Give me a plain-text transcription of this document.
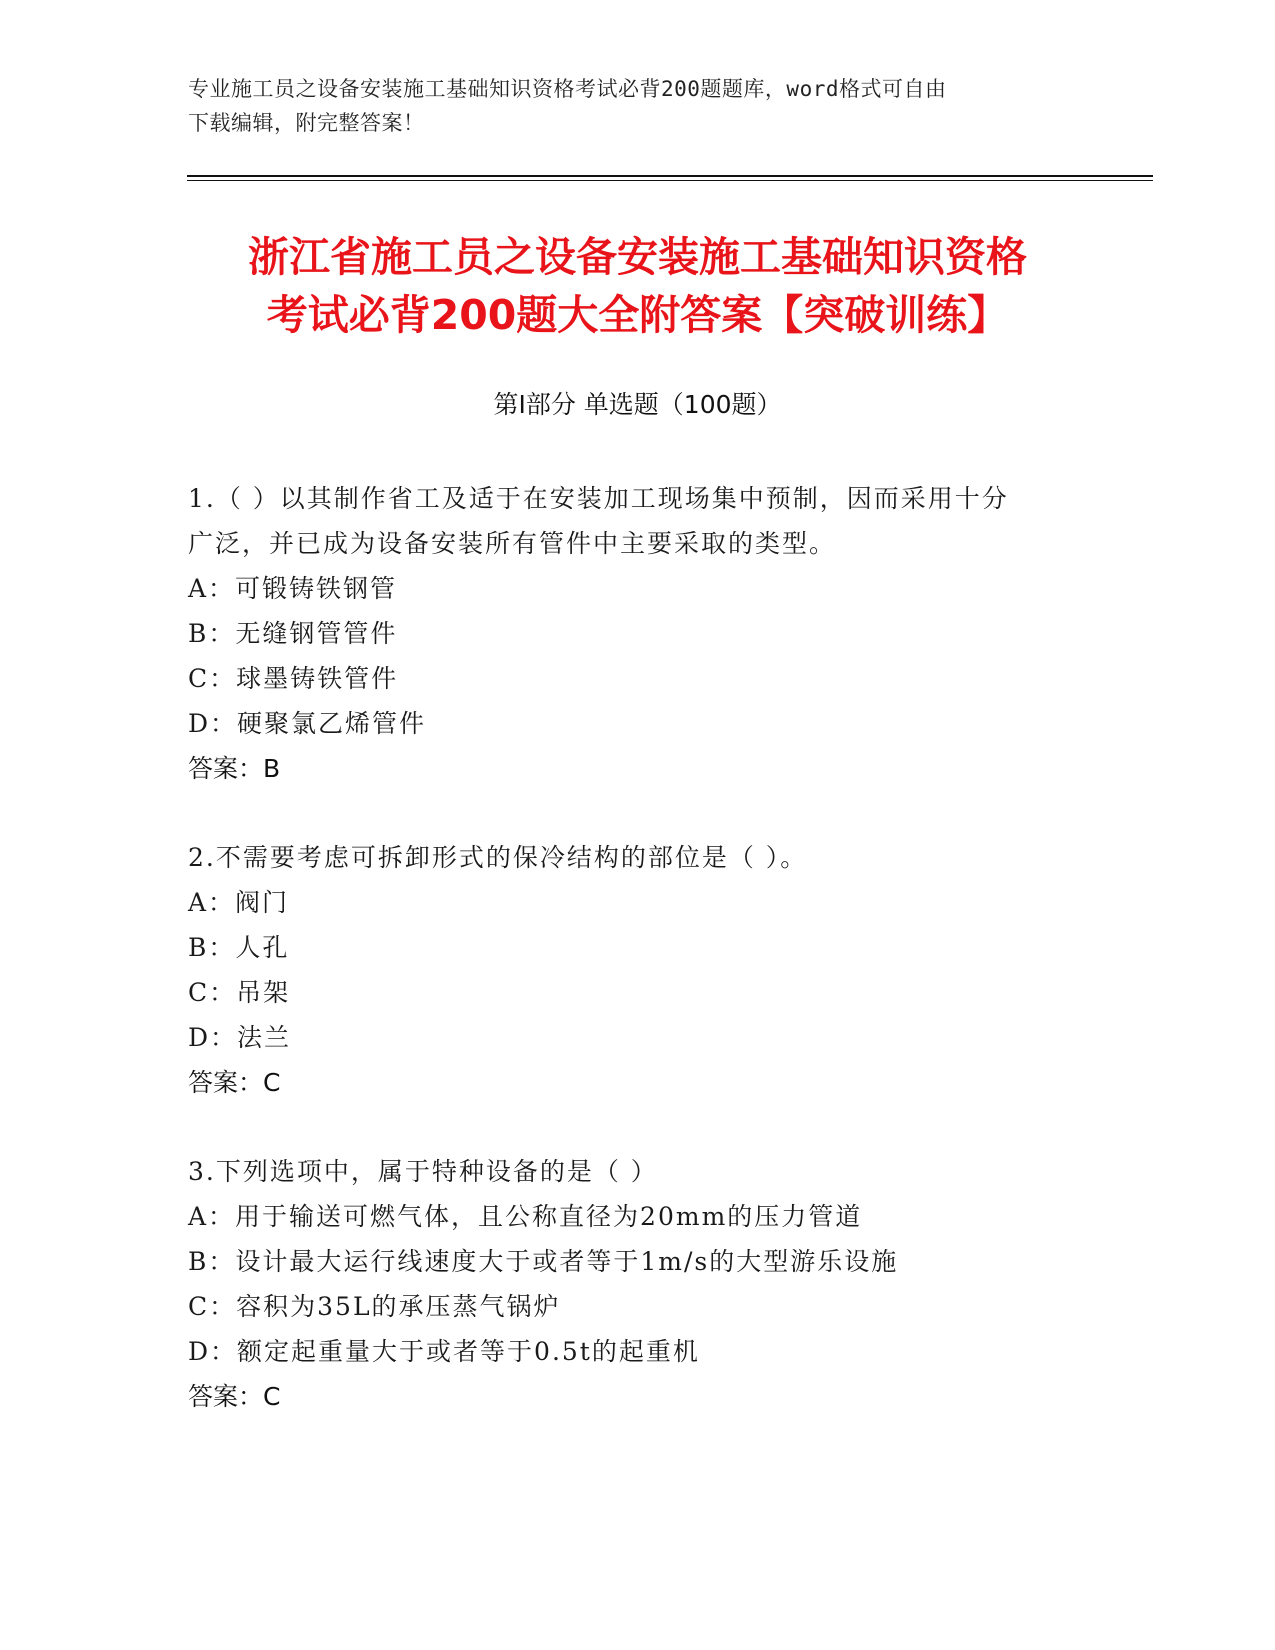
专业施工员之设备安装施工基础知识资格考试必背200题题库，word格式可自由
下载编辑，附完整答案！
浙江省施工员之设备安装施工基础知识资格
考试必背200题大全附答案【突破训练】
第Ⅰ部分 单选题（100题）
1.（ ）以其制作省工及适于在安装加工现场集中预制，因而采用十分
广泛，并已成为设备安装所有管件中主要采取的类型。
A：可锻铸铁钢管
B：无缝钢管管件
C：球墨铸铁管件
D：硬聚氯乙烯管件
答案：B
2.不需要考虑可拆卸形式的保冷结构的部位是（ ）。
A：阀门
B：人孔
C：吊架
D：法兰
答案：C
3.下列选项中，属于特种设备的是（ ）
A：用于输送可燃气体，且公称直径为20mm的压力管道
B：设计最大运行线速度大于或者等于1m/s的大型游乐设施
C：容积为35L的承压蒸气锅炉
D：额定起重量大于或者等于0.5t的起重机
答案：C
